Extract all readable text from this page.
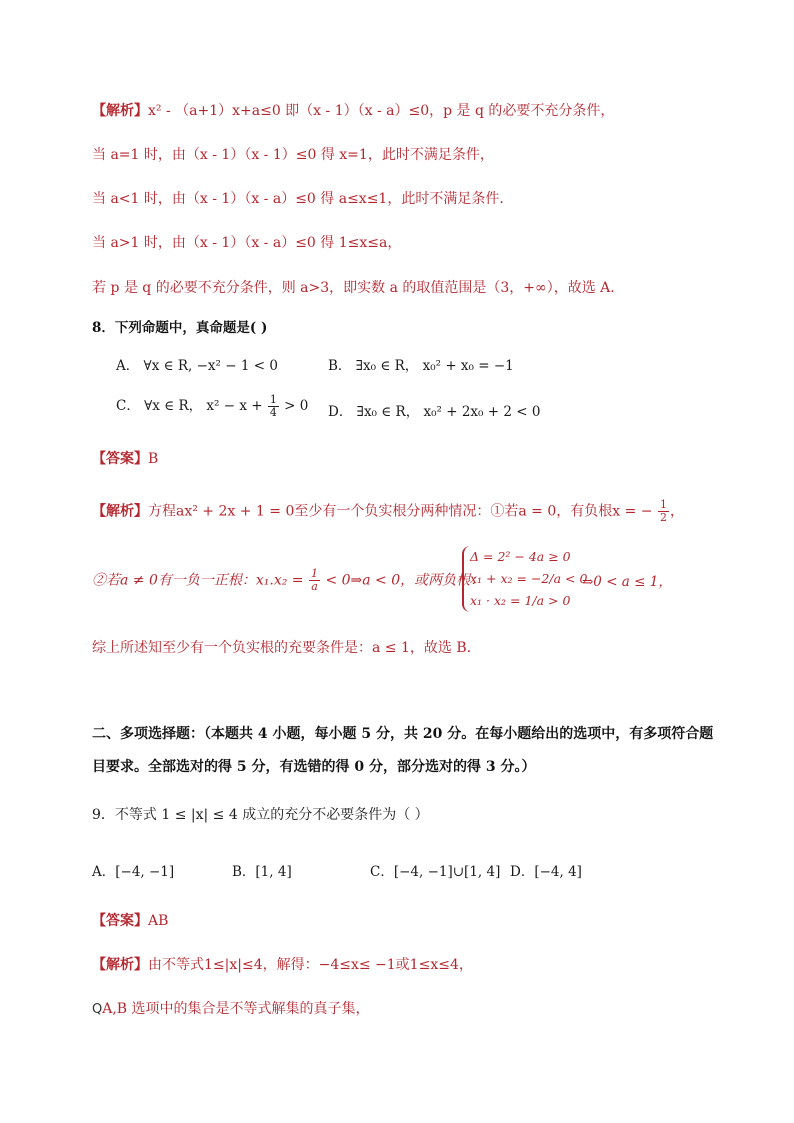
【解析】x² - （a+1）x+a≤0 即（x - 1）（x - a）≤0，p 是 q 的必要不充分条件，
当 a=1 时，由（x - 1）（x - 1）≤0 得 x=1，此时不满足条件，
当 a<1 时，由（x - 1）（x - a）≤0 得 a≤x≤1，此时不满足条件．
当 a>1 时，由（x - 1）（x - a）≤0 得 1≤x≤a，
若 p 是 q 的必要不充分条件，则 a>3，即实数 a 的取值范围是（3，+∞），故选 A.
8．下列命题中，真命题是( )
A． ∀x ∈ R, −x² − 1 < 0	B． ∃x₀ ∈ R， x₀² + x₀ = −1
C． ∀x ∈ R， $x^2 - x + \frac{1}{4} > 0$ D． ∃x₀ ∈ R， x₀² + 2x₀ + 2 < 0
【答案】B
【解析】方程ax² + 2x + 1 = 0至少有一个负实根分两种情况：①若a = 0，有负根x = − $\frac{1}{2}$ ，
②若a ≠ 0有一负一正根：$x_1.x_2 = \frac{1}{a}$ < 0⇒a < 0，或两负根：
Δ = 2² − 4a ≥ 0
x₁ + x₂ = −2/a < 0
x₁ · x₂ = 1/a > 0
⇒0 < a ≤ 1，
综上所述知至少有一个负实根的充要条件是：a ≤ 1，故选 B.
二、多项选择题：（本题共 4 小题，每小题 5 分，共 20 分。在每小题给出的选项中，有多项符合题
目要求。全部选对的得 5 分，有选错的得 0 分，部分选对的得 3 分。）
9．不等式 1 ≤ |x| ≤ 4 成立的充分不必要条件为（ ）
A．[−4, −1]	B．[1, 4]	C．[−4, −1]∪[1, 4] D．[−4, 4]
【答案】AB
【解析】由不等式1≤|x|≤4，解得：−4≤x≤ −1或1≤x≤4，
QA,B 选项中的集合是不等式解集的真子集，
